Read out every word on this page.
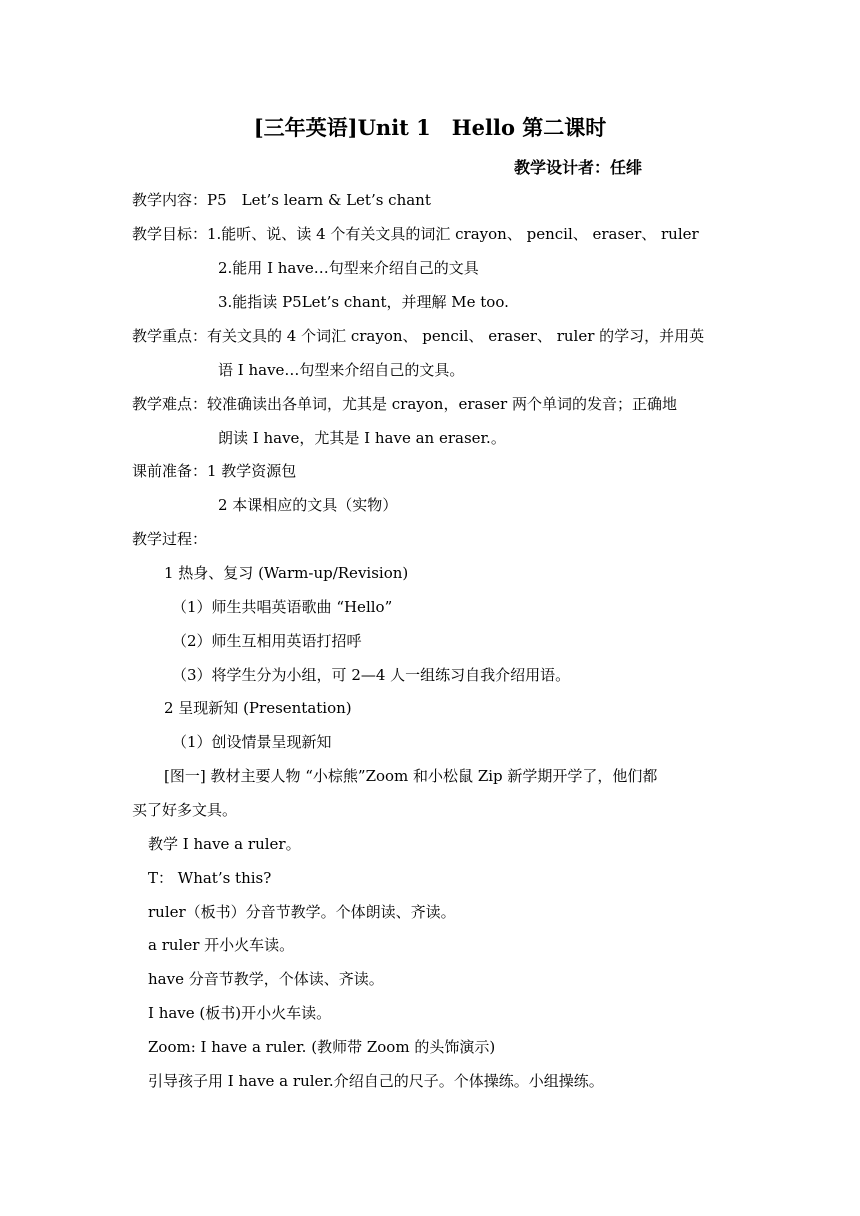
[三年英语]Unit 1　Hello 第二课时
教学设计者：任绯
教学内容：P5　Let’s learn & Let’s chant
教学目标：1.能听、说、读 4 个有关文具的词汇 crayon、 pencil、 eraser、 ruler
2.能用 I have…句型来介绍自己的文具
3.能指读 P5Let’s chant，并理解 Me too.
教学重点：有关文具的 4 个词汇 crayon、 pencil、 eraser、 ruler 的学习，并用英
语 I have…句型来介绍自己的文具。
教学难点：较准确读出各单词，尤其是 crayon，eraser 两个单词的发音；正确地
朗读 I have，尤其是 I have an eraser.。
课前准备：1 教学资源包
2 本课相应的文具（实物）
教学过程：
1 热身、复习 (Warm-up/Revision)
（1）师生共唱英语歌曲 “Hello”
（2）师生互相用英语打招呼
（3）将学生分为小组，可 2—4 人一组练习自我介绍用语。
2 呈现新知 (Presentation)
（1）创设情景呈现新知
[图一] 教材主要人物 “小棕熊”Zoom 和小松鼠 Zip 新学期开学了，他们都
买了好多文具。
教学 I have a ruler。
T： What’s this?
ruler（板书）分音节教学。个体朗读、齐读。
a ruler 开小火车读。
have 分音节教学，个体读、齐读。
I have (板书)开小火车读。
Zoom: I have a ruler. (教师带 Zoom 的头饰演示)
引导孩子用 I have a ruler.介绍自己的尺子。个体操练。小组操练。
